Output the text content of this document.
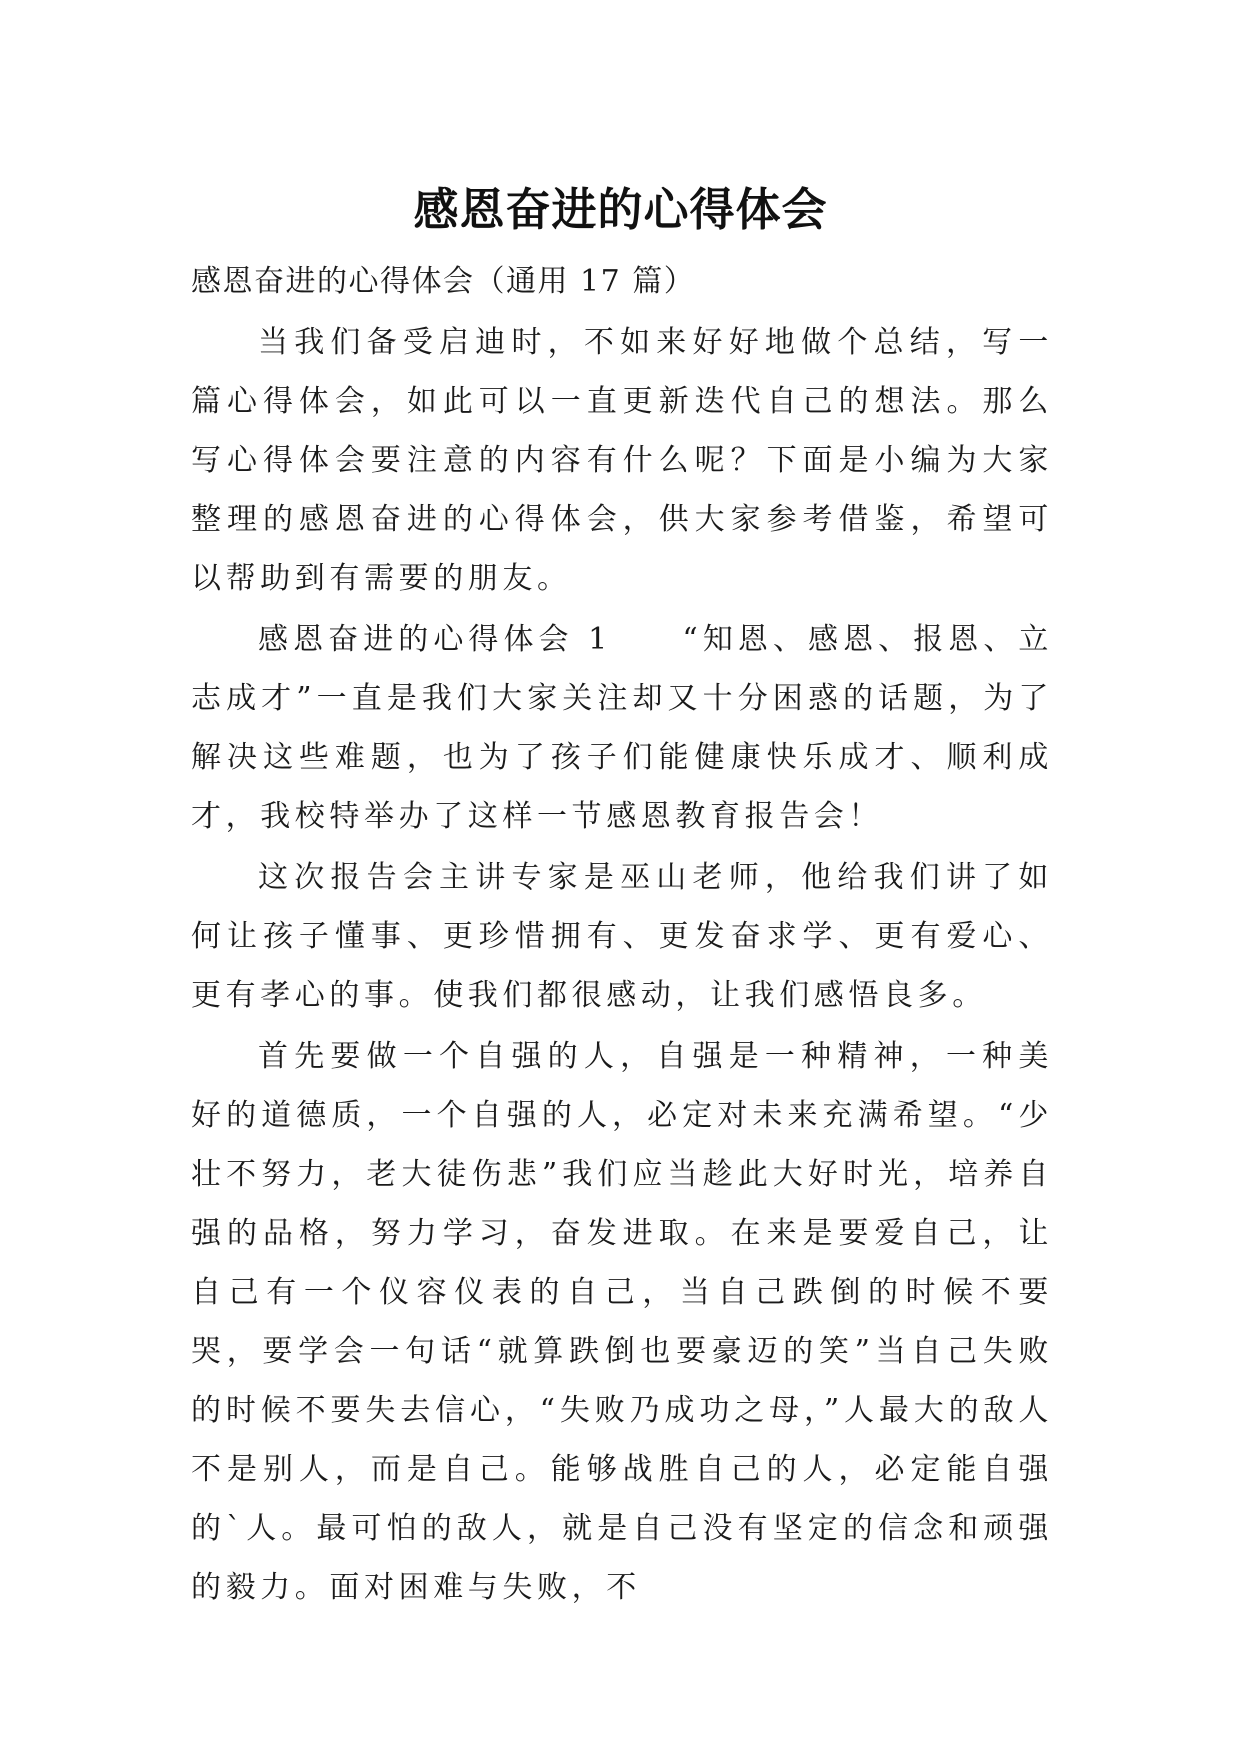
感恩奋进的心得体会

感恩奋进的心得体会（通用 17 篇）

当我们备受启迪时，不如来好好地做个总结，写一篇心得体会，如此可以一直更新迭代自己的想法。那么写心得体会要注意的内容有什么呢？下面是小编为大家整理的感恩奋进的心得体会，供大家参考借鉴，希望可以帮助到有需要的朋友。

感恩奋进的心得体会 1　　“知恩、感恩、报恩、立志成才”一直是我们大家关注却又十分困惑的话题，为了解决这些难题，也为了孩子们能健康快乐成才、顺利成才，我校特举办了这样一节感恩教育报告会！

这次报告会主讲专家是巫山老师，他给我们讲了如何让孩子懂事、更珍惜拥有、更发奋求学、更有爱心、更有孝心的事。使我们都很感动，让我们感悟良多。

首先要做一个自强的人，自强是一种精神，一种美好的道德质，一个自强的人，必定对未来充满希望。“少壮不努力，老大徒伤悲”我们应当趁此大好时光，培养自强的品格，努力学习，奋发进取。在来是要爱自己，让自己有一个仪容仪表的自己，当自己跌倒的时候不要哭，要学会一句话“就算跌倒也要豪迈的笑”当自己失败的时候不要失去信心，“失败乃成功之母，”人最大的敌人不是别人，而是自己。能够战胜自己的人，必定能自强的`人。最可怕的敌人，就是自己没有坚定的信念和顽强的毅力。面对困难与失败，不
